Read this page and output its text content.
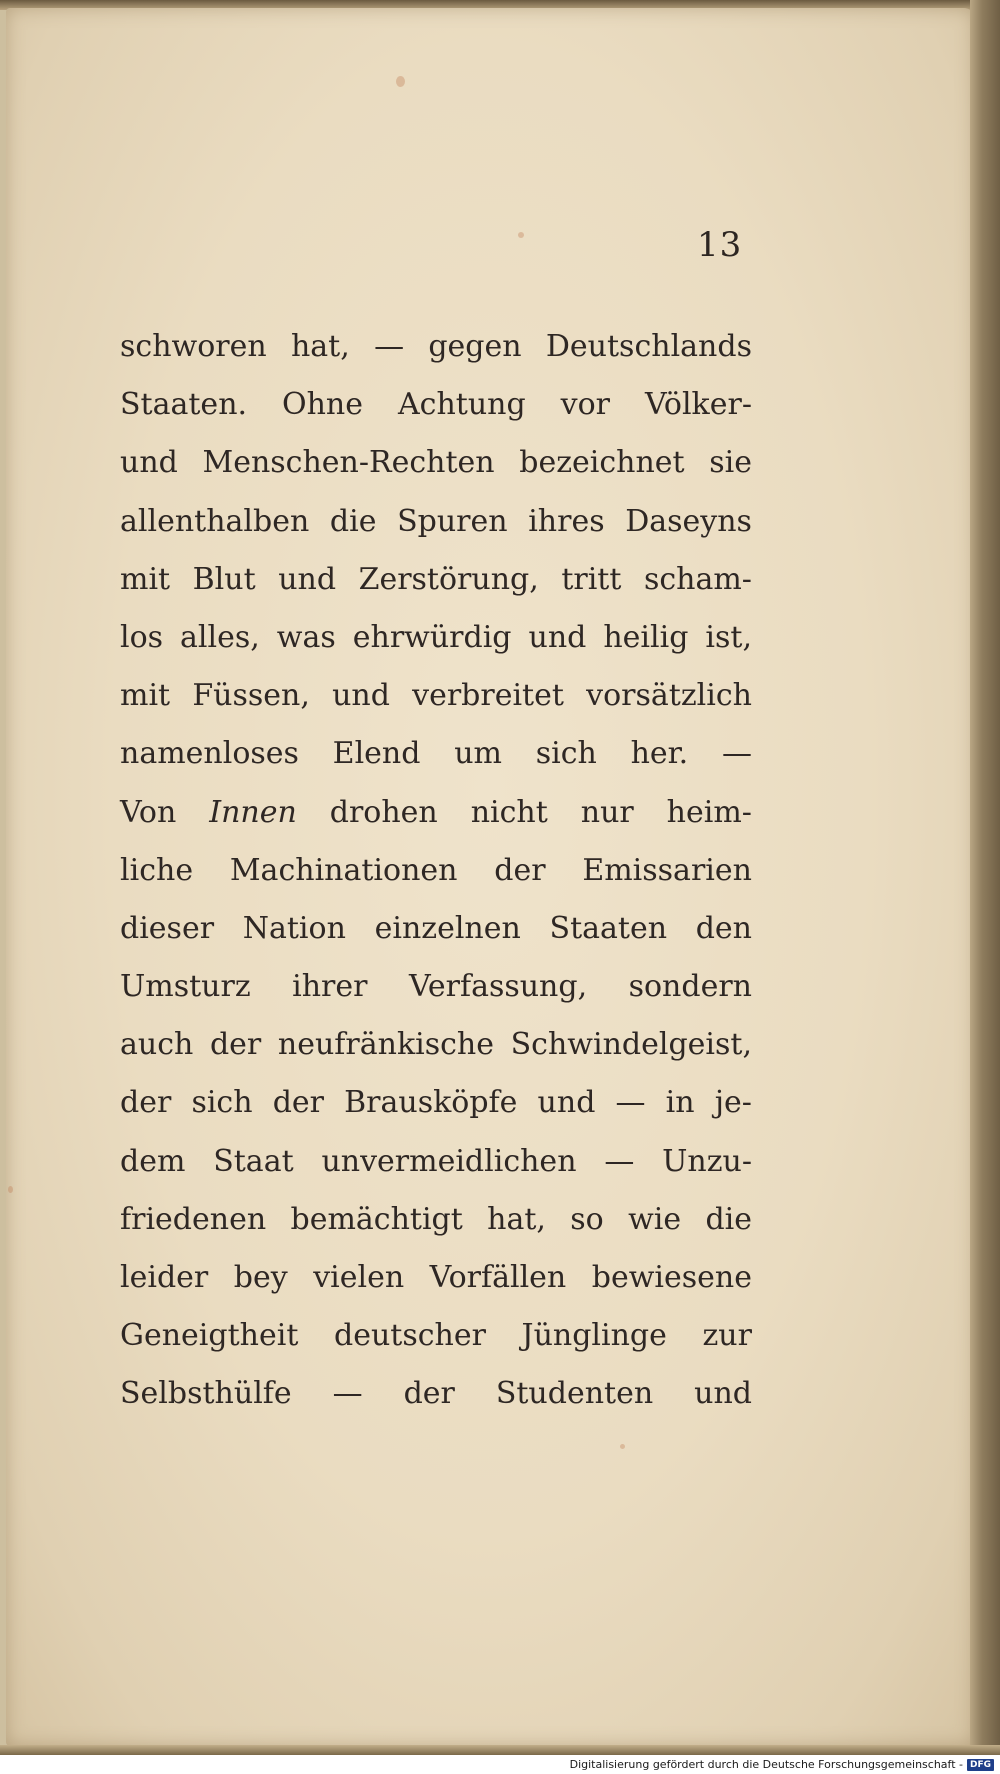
13
schworen hat, — gegen Deutschlands
Staaten. Ohne Achtung vor Völker-
und Menschen-Rechten bezeichnet sie
allenthalben die Spuren ihres Daseyns
mit Blut und Zerstörung, tritt scham-
los alles, was ehrwürdig und heilig ist,
mit Füssen, und verbreitet vorsätzlich
namenloses Elend um sich her. —
Von Innen drohen nicht nur heim-
liche Machinationen der Emissarien
dieser Nation einzelnen Staaten den
Umsturz ihrer Verfassung, sondern
auch der neufränkische Schwindelgeist,
der sich der Brausköpfe und — in je-
dem Staat unvermeidlichen — Unzu-
friedenen bemächtigt hat, so wie die
leider bey vielen Vorfällen bewiesene
Geneigtheit deutscher Jünglinge zur
Selbsthülfe — der Studenten und
Digitalisierung gefördert durch die Deutsche Forschungsgemeinschaft - DFG
